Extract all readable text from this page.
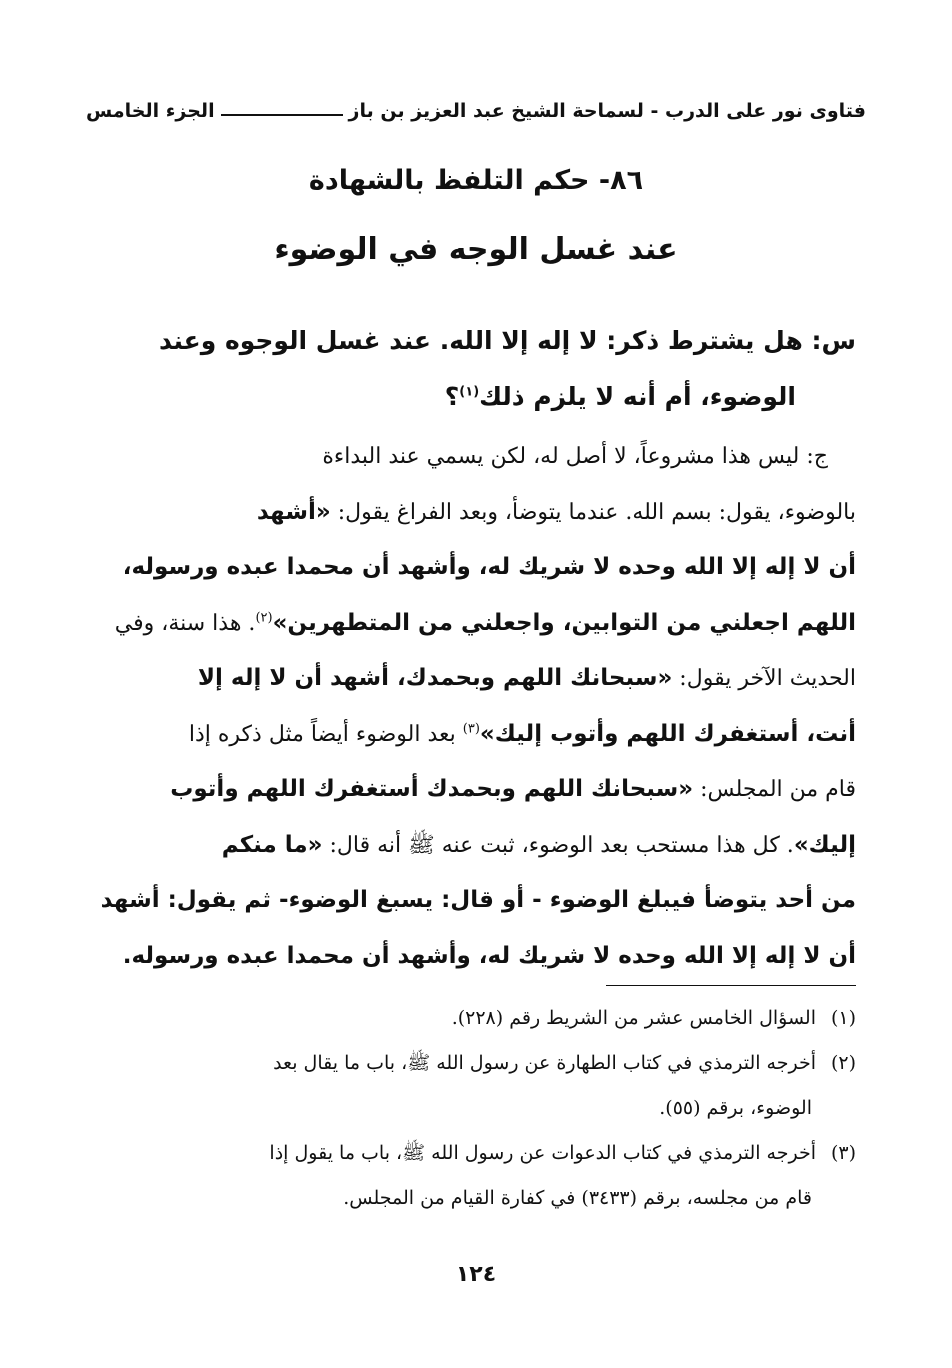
فتاوى نور على الدرب - لسماحة الشيخ عبد العزيز بن باز
الجزء الخامس
٨٦- حكم التلفظ بالشهادة
عند غسل الوجه في الوضوء
س: هل يشترط ذكر: لا إله إلا الله. عند غسل الوجوه وعند
الوضوء، أم أنه لا يلزم ذلك$^{(١)}$؟
ج: ليس هذا مشروعاً، لا أصل له، لكن يسمي عند البداءة
بالوضوء، يقول: بسم الله. عندما يتوضأ، وبعد الفراغ يقول: «أشهد
أن لا إله إلا الله وحده لا شريك له، وأشهد أن محمدا عبده ورسوله،
اللهم اجعلني من التوابين، واجعلني من المتطهرين»$^{(٢)}$. هذا سنة، وفي
الحديث الآخر يقول: «سبحانك اللهم وبحمدك، أشهد أن لا إله إلا
أنت، أستغفرك اللهم وأتوب إليك»$^{(٣)}$ بعد الوضوء أيضاً مثل ذكره إذا
قام من المجلس: «سبحانك اللهم وبحمدك أستغفرك اللهم وأتوب
إليك». كل هذا مستحب بعد الوضوء، ثبت عنه ﷺ أنه قال: «ما منكم
من أحد يتوضأ فيبلغ الوضوء - أو قال: يسبغ الوضوء- ثم يقول: أشهد
أن لا إله إلا الله وحده لا شريك له، وأشهد أن محمدا عبده ورسوله.
(١)السؤال الخامس عشر من الشريط رقم (٢٢٨).
(٢)أخرجه الترمذي في كتاب الطهارة عن رسول الله ﷺ، باب ما يقال بعد
الوضوء، برقم (٥٥).
(٣)أخرجه الترمذي في كتاب الدعوات عن رسول الله ﷺ، باب ما يقول إذا
قام من مجلسه، برقم (٣٤٣٣) في كفارة القيام من المجلس.
١٢٤
